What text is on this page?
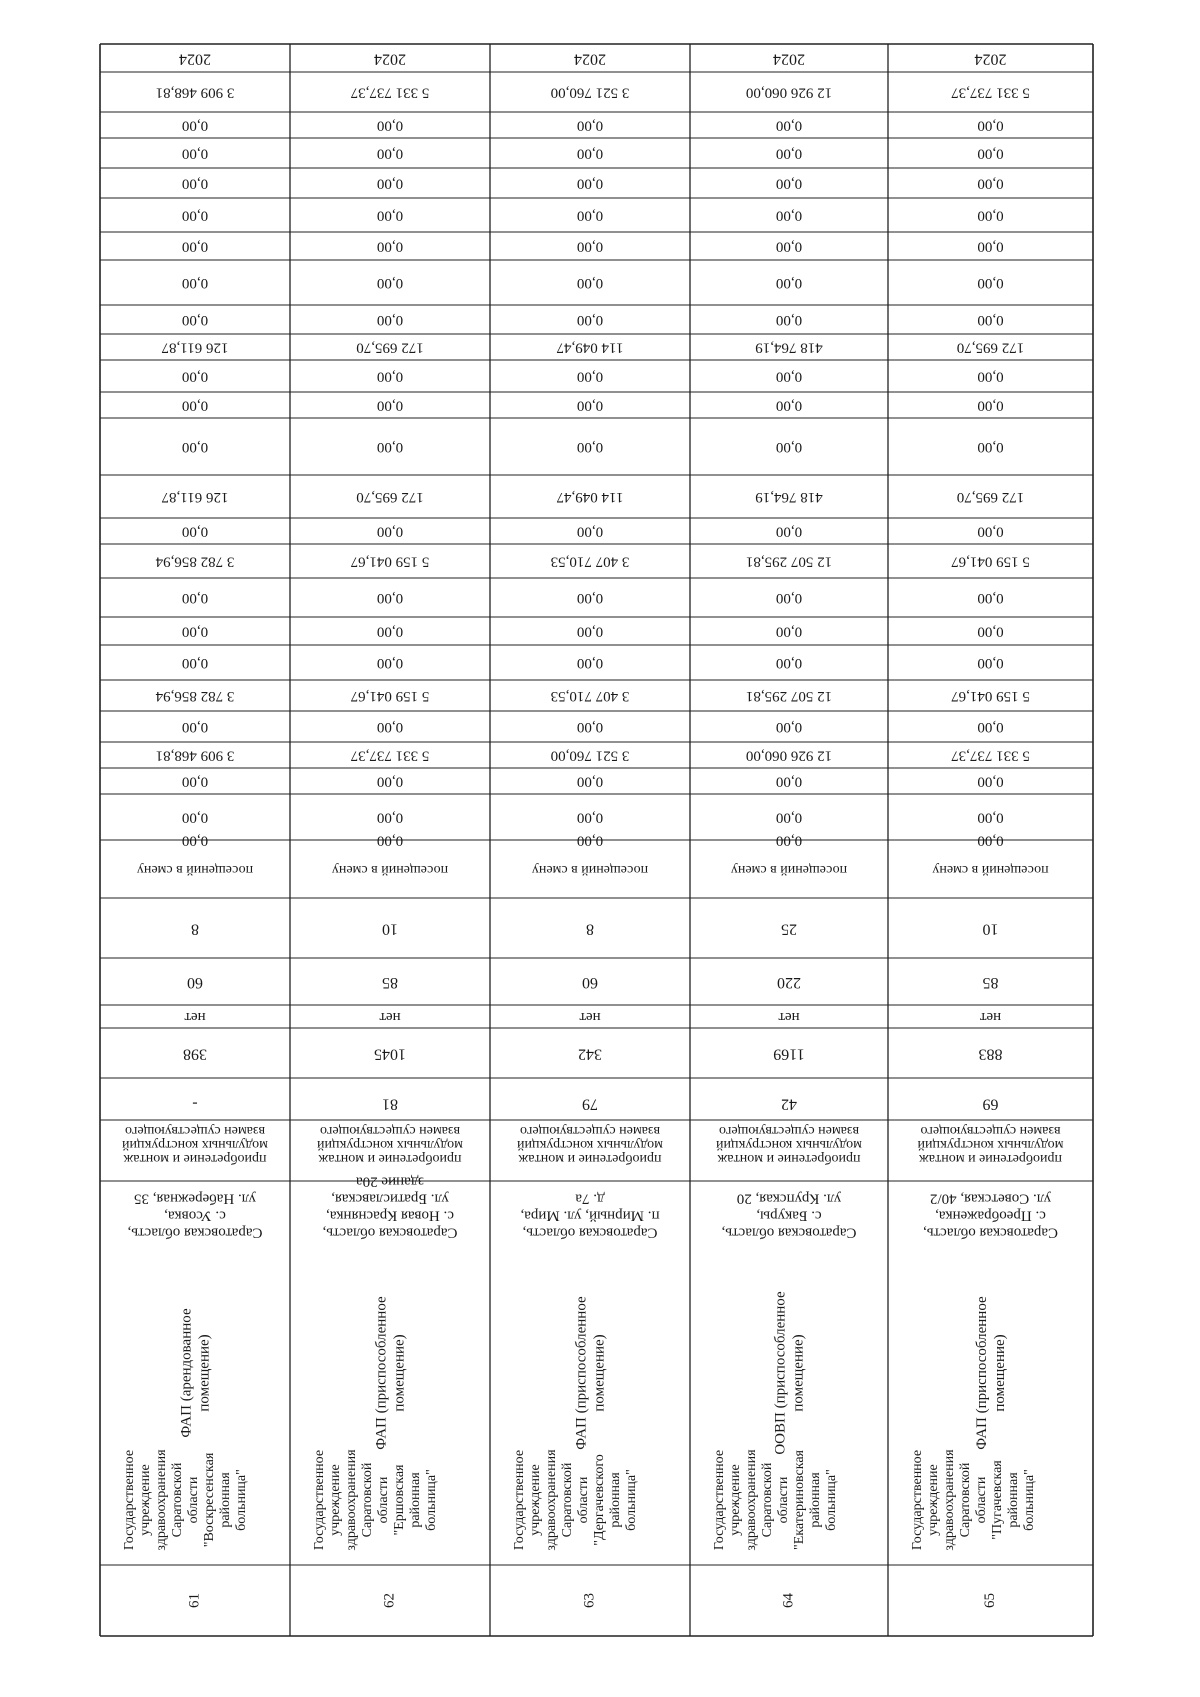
2024
3 909 468,81
0,00
0,00
0,00
0,00
0,00
0,00
0,00
126 611,87
0,00
0,00
0,00
126 611,87
0,00
3 782 856,94
0,00
0,00
0,00
3 782 856,94
0,00
3 909 468,81
0,00
0,00
0,00
посещений в смену
8
60
нет
398
-
приобретение и монтаж
модульных конструкций
взамен существующего
Саратовская область,
с. Усовка,
ул. Набережная, 35
ФАП (арендованное помещение)
Государственное учреждение здравоохранения Саратовской области "Воскресенская районная больница"
61
2024
5 331 737,37
0,00
0,00
0,00
0,00
0,00
0,00
0,00
172 695,70
0,00
0,00
0,00
172 695,70
0,00
5 159 041,67
0,00
0,00
0,00
5 159 041,67
0,00
5 331 737,37
0,00
0,00
0,00
посещений в смену
10
85
нет
1045
81
приобретение и монтаж
модульных конструкций
взамен существующего
Саратовская область,
с. Новая Краснянка,
ул. Братиславская,
здание 20а
ФАП (приспособленное помещение)
Государственное учреждение здравоохранения Саратовской области "Ершовская районная больница"
62
2024
3 521 760,00
0,00
0,00
0,00
0,00
0,00
0,00
0,00
114 049,47
0,00
0,00
0,00
114 049,47
0,00
3 407 710,53
0,00
0,00
0,00
3 407 710,53
0,00
3 521 760,00
0,00
0,00
0,00
посещений в смену
8
60
нет
342
79
приобретение и монтаж
модульных конструкций
взамен существующего
Саратовская область,
п. Мирный, ул. Мира,
д. 7а
ФАП (приспособленное помещение)
Государственное учреждение здравоохранения Саратовской области "Дергачевского районная больница"
63
2024
12 926 060,00
0,00
0,00
0,00
0,00
0,00
0,00
0,00
418 764,19
0,00
0,00
0,00
418 764,19
0,00
12 507 295,81
0,00
0,00
0,00
12 507 295,81
0,00
12 926 060,00
0,00
0,00
0,00
посещений в смену
25
220
нет
1169
42
приобретение и монтаж
модульных конструкций
взамен существующего
Саратовская область,
с. Бакуры,
ул. Крупская, 20
ООВП (приспособленное помещение)
Государственное учреждение здравоохранения Саратовской области "Екатериновская районная больница"
64
2024
5 331 737,37
0,00
0,00
0,00
0,00
0,00
0,00
0,00
172 695,70
0,00
0,00
0,00
172 695,70
0,00
5 159 041,67
0,00
0,00
0,00
5 159 041,67
0,00
5 331 737,37
0,00
0,00
0,00
посещений в смену
10
85
нет
883
69
приобретение и монтаж
модульных конструкций
взамен существующего
Саратовская область,
с. Преображенка,
ул. Советская, 40/2
ФАП (приспособленное помещение)
Государственное учреждение здравоохранения Саратовской области "Пугачевская районная больница"
65
